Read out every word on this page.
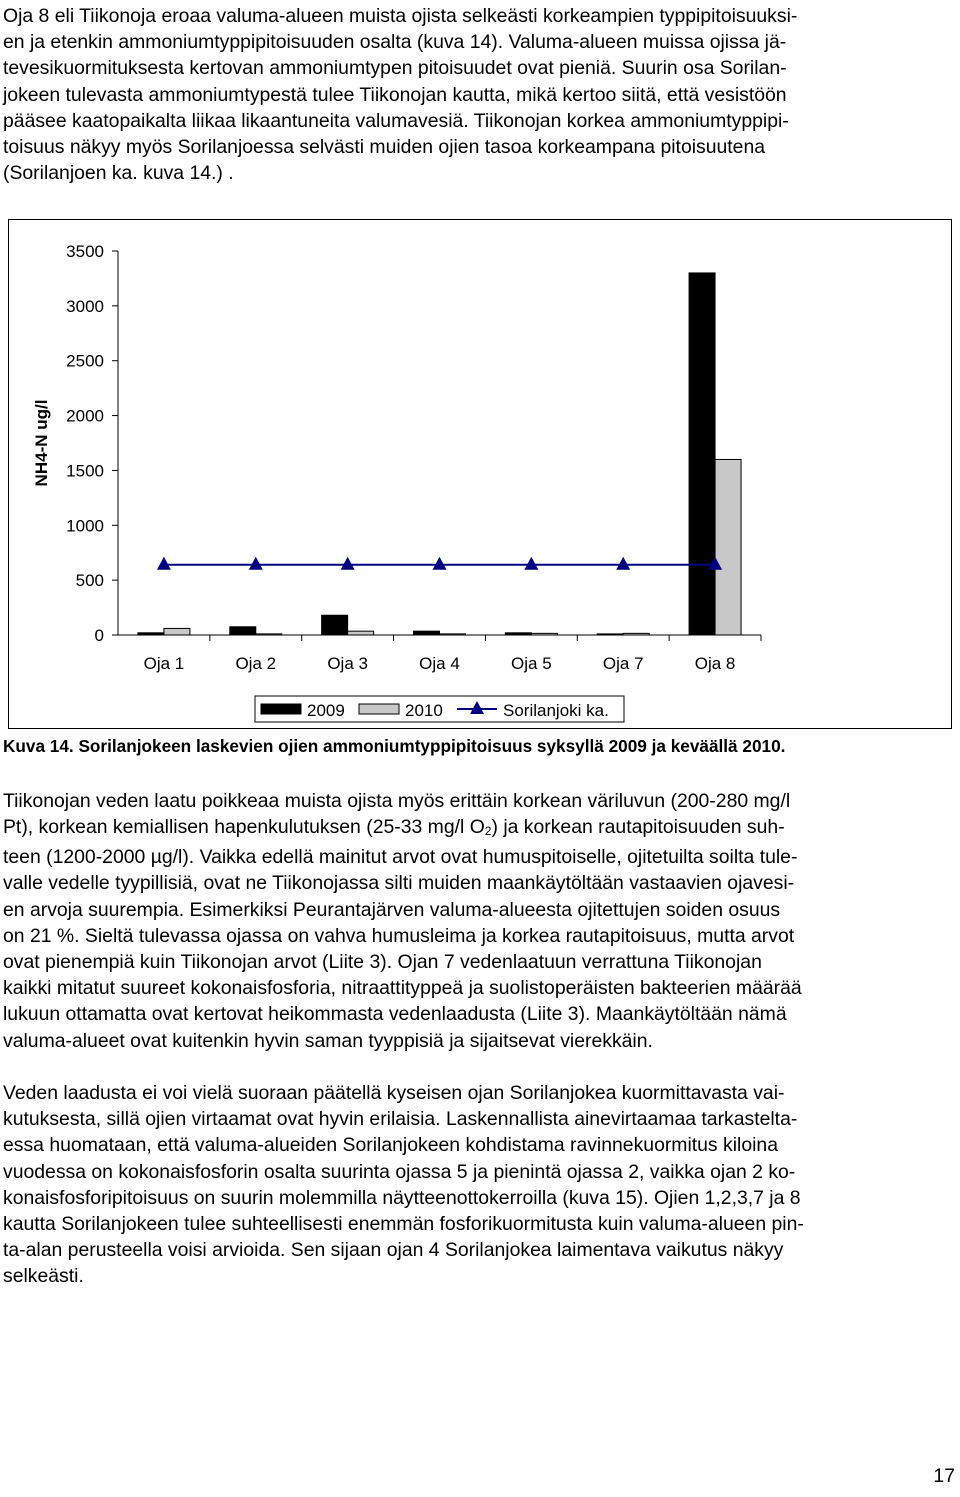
Oja 8 eli Tiikonoja eroaa valuma-alueen muista ojista selkeästi korkeampien typpipitoisuuksi-
en ja etenkin ammoniumtyppipitoisuuden osalta (kuva 14). Valuma-alueen muissa ojissa jä-
tevesikuormituksesta kertovan ammoniumtypen pitoisuudet ovat pieniä. Suurin osa Sorilan-
jokeen tulevasta ammoniumtypestä tulee Tiikonojan kautta, mikä kertoo siitä, että vesistöön
pääsee kaatopaikalta liikaa likaantuneita valumavesiä. Tiikonojan korkea ammoniumtyppipi-
toisuus näkyy myös Sorilanjoessa selvästi muiden ojien tasoa korkeampana pitoisuutena
(Sorilanjoen ka. kuva 14.) .

0
500
1000
1500
2000
2500
3000
3500
NH4-N ug/l
Oja 1	Oja 2	Oja 3	Oja 4	Oja 5	Oja 7	Oja 8
2009	2010	Sorilanjoki ka.
Kuva 14. Sorilanjokeen laskevien ojien ammoniumtyppipitoisuus syksyllä 2009 ja keväällä 2010.

Tiikonojan veden laatu poikkeaa muista ojista myös erittäin korkean väriluvun (200-280 mg/l
Pt), korkean kemiallisen hapenkulutuksen (25-33 mg/l $O_2$) ja korkean rautapitoisuuden suh-
teen (1200-2000 µg/l). Vaikka edellä mainitut arvot ovat humuspitoiselle, ojitetuilta soilta tule-
valle vedelle tyypillisiä, ovat ne Tiikonojassa silti muiden maankäytöltään vastaavien ojavesi-
en arvoja suurempia. Esimerkiksi Peurantajärven valuma-alueesta ojitettujen soiden osuus
on 21 %. Sieltä tulevassa ojassa on vahva humusleima ja korkea rautapitoisuus, mutta arvot
ovat pienempiä kuin Tiikonojan arvot (Liite 3). Ojan 7 vedenlaatuun verrattuna Tiikonojan
kaikki mitatut suureet kokonaisfosforia, nitraattityppeä ja suolistoperäisten bakteerien määrää
lukuun ottamatta ovat kertovat heikommasta vedenlaadusta (Liite 3). Maankäytöltään nämä
valuma-alueet ovat kuitenkin hyvin saman tyyppisiä ja sijaitsevat vierekkäin.

Veden laadusta ei voi vielä suoraan päätellä kyseisen ojan Sorilanjokea kuormittavasta vai-
kutuksesta, sillä ojien virtaamat ovat hyvin erilaisia. Laskennallista ainevirtaamaa tarkastelta-
essa huomataan, että valuma-alueiden Sorilanjokeen kohdistama ravinnekuormitus kiloina
vuodessa on kokonaisfosforin osalta suurinta ojassa 5 ja pienintä ojassa 2, vaikka ojan 2 ko-
konaisfosforipitoisuus on suurin molemmilla näytteenottokerroilla (kuva 15). Ojien 1,2,3,7 ja 8
kautta Sorilanjokeen tulee suhteellisesti enemmän fosforikuormitusta kuin valuma-alueen pin-
ta-alan perusteella voisi arvioida. Sen sijaan ojan 4 Sorilanjokea laimentava vaikutus näkyy
selkeästi.

17
